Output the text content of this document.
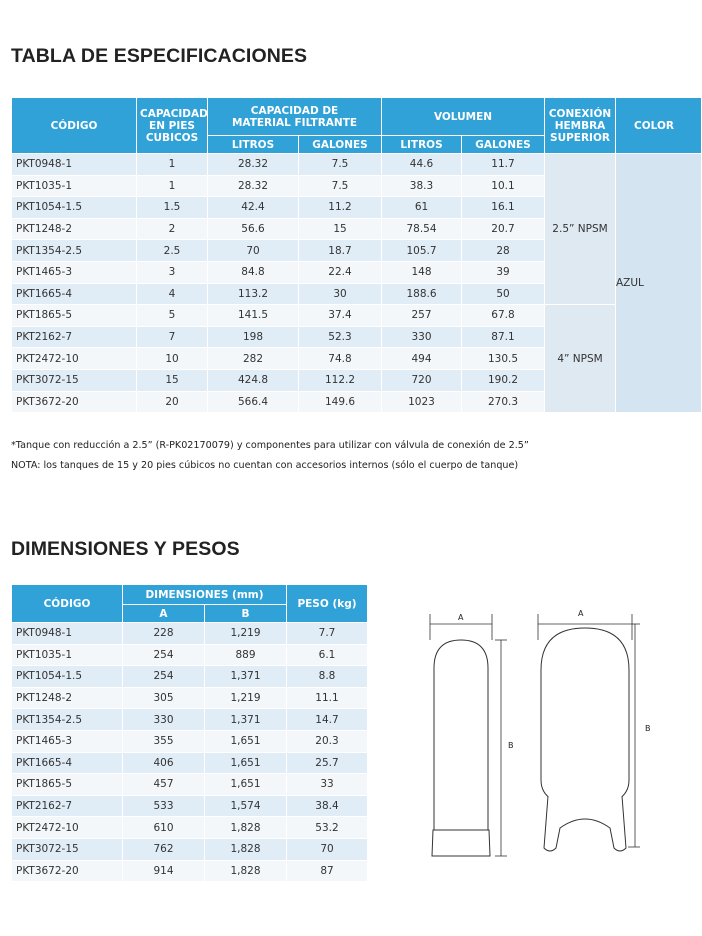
TABLA DE ESPECIFICACIONES
CÓDIGO	CAPACIDAD EN PIES CUBICOS	CAPACIDAD DE MATERIAL FILTRANTE		VOLUMEN		CONEXIÓN HEMBRA SUPERIOR	COLOR
		LITROS	GALONES	LITROS	GALONES		
PKT0948-1	1	28.32	7.5	44.6	11.7	2.5” NPSM	AZUL
PKT1035-1	1	28.32	7.5	38.3	10.1		
PKT1054-1.5	1.5	42.4	11.2	61	16.1		
PKT1248-2	2	56.6	15	78.54	20.7		
PKT1354-2.5	2.5	70	18.7	105.7	28		
PKT1465-3	3	84.8	22.4	148	39		
PKT1665-4	4	113.2	30	188.6	50		
PKT1865-5	5	141.5	37.4	257	67.8	4” NPSM	
PKT2162-7	7	198	52.3	330	87.1		
PKT2472-10	10	282	74.8	494	130.5		
PKT3072-15	15	424.8	112.2	720	190.2		
PKT3672-20	20	566.4	149.6	1023	270.3		
*Tanque con reducción a 2.5” (R-PK02170079) y componentes para utilizar con válvula de conexión de 2.5”
NOTA: los tanques de 15 y 20 pies cúbicos no cuentan con accesorios internos (sólo el cuerpo de tanque)
DIMENSIONES Y PESOS
CÓDIGO	DIMENSIONES (mm)		PESO (kg)
	A	B	
PKT0948-1	228	1,219	7.7
PKT1035-1	254	889	6.1
PKT1054-1.5	254	1,371	8.8
PKT1248-2	305	1,219	11.1
PKT1354-2.5	330	1,371	14.7
PKT1465-3	355	1,651	20.3
PKT1665-4	406	1,651	25.7
PKT1865-5	457	1,651	33
PKT2162-7	533	1,574	38.4
PKT2472-10	610	1,828	53.2
PKT3072-15	762	1,828	70
PKT3672-20	914	1,828	87
A
B
A
B
